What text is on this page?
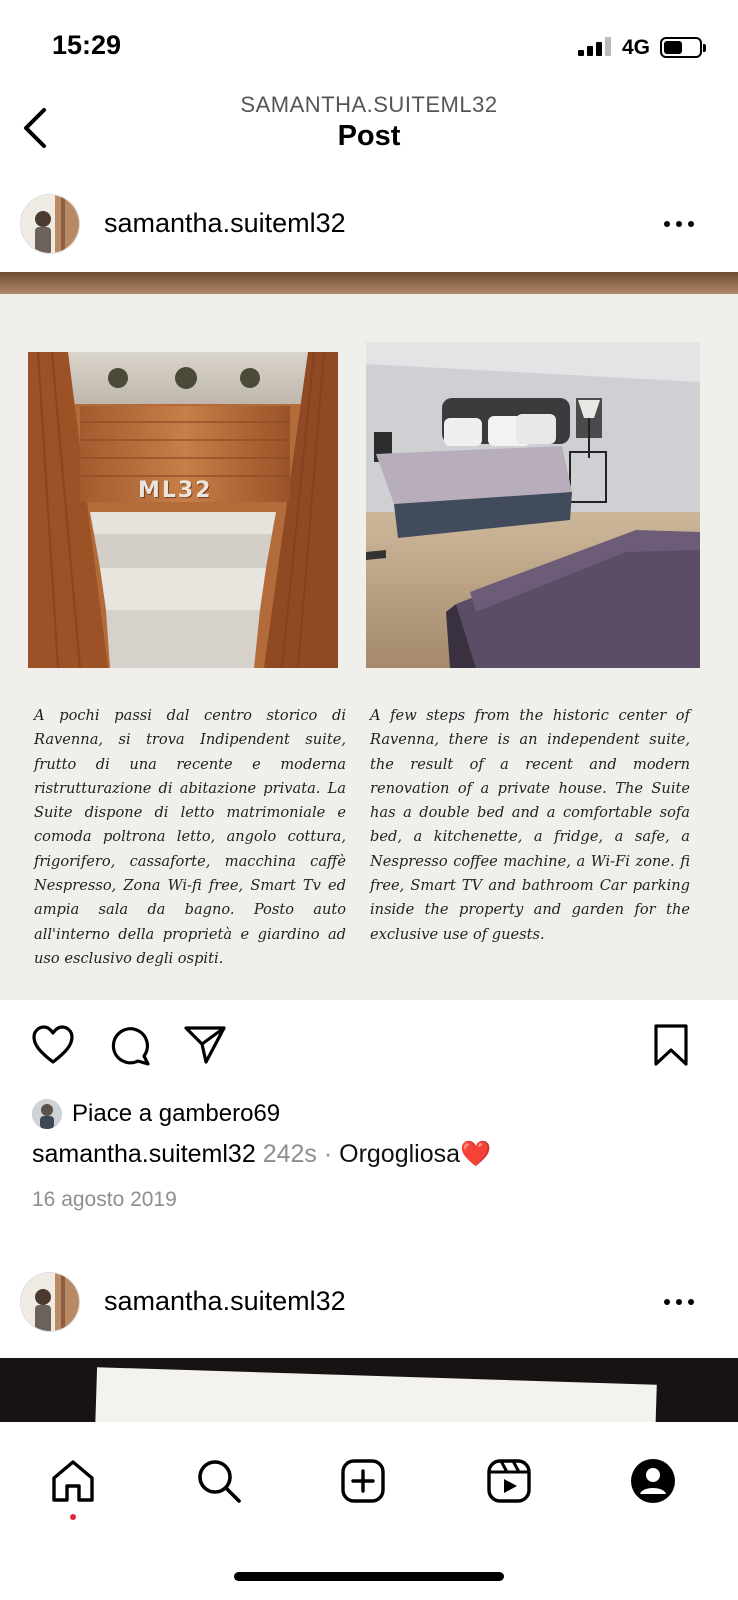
15:29	4G
SAMANTHA.SUITEML32
Post
samantha.suiteml32
ML32
A pochi passi dal centro storico di Ravenna, si trova Indipendent suite, frutto di una recente e moderna ristrutturazione di abitazione privata. La Suite dispone di letto matrimoniale e comoda poltrona letto, angolo cottura, frigorifero, cassaforte, macchina caffè Nespresso, Zona Wi-fi free, Smart Tv ed ampia sala da bagno. Posto auto all'interno della proprietà e giardino ad uso esclusivo degli ospiti.
A few steps from the historic center of Ravenna, there is an independent suite, the result of a recent and modern renovation of a private house. The Suite has a double bed and a comfortable sofa bed, a kitchenette, a fridge, a safe, a Nespresso coffee machine, a Wi-Fi zone. fi free, Smart TV and bathroom Car parking inside the property and garden for the exclusive use of guests.
Piace a gambero69
samantha.suiteml32 242s · Orgogliosa❤️
16 agosto 2019
samantha.suiteml32
